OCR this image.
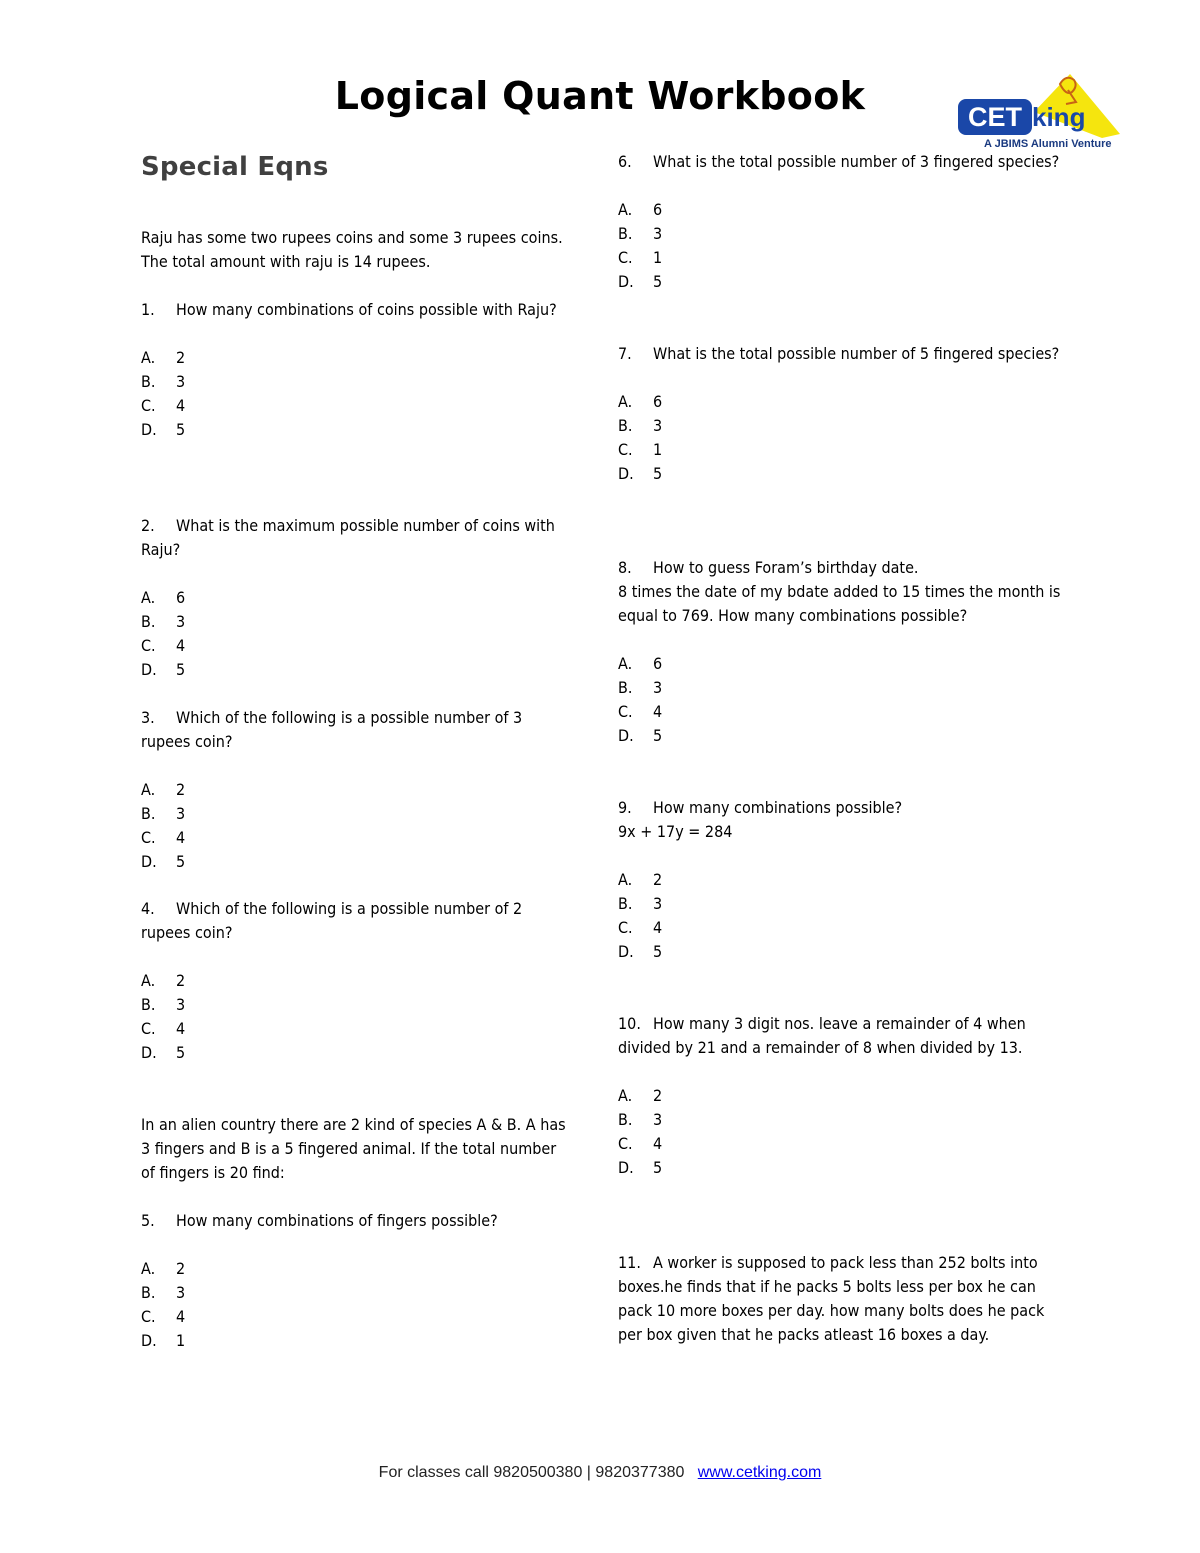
Logical Quant Workbook	CET king
A JBIMS Alumni Venture
Special Eqns

Raju has some two rupees coins and some 3 rupees coins. The total amount with raju is 14 rupees.

1. How many combinations of coins possible with Raju?

A. 2
B. 3
C. 4
D. 5

2. What is the maximum possible number of coins with Raju?

A. 6
B. 3
C. 4
D. 5

3. Which of the following is a possible number of 3 rupees coin?

A. 2
B. 3
C. 4
D. 5

4. Which of the following is a possible number of 2 rupees coin?

A. 2
B. 3
C. 4
D. 5

In an alien country there are 2 kind of species A & B. A has 3 fingers and B is a 5 fingered animal. If the total number of fingers is 20 find:

5. How many combinations of fingers possible?

A. 2
B. 3
C. 4
D. 1

6. What is the total possible number of 3 fingered species?

A. 6
B. 3
C. 1
D. 5

7. What is the total possible number of 5 fingered species?

A. 6
B. 3
C. 1
D. 5

8. How to guess Foram’s birthday date.

8 times the date of my bdate added to 15 times the month is equal to 769. How many combinations possible?

A. 6
B. 3
C. 4
D. 5

9. How many combinations possible?

9x + 17y = 284

A. 2
B. 3
C. 4
D. 5

10. How many 3 digit nos. leave a remainder of 4 when divided by 21 and a remainder of 8 when divided by 13.

A. 2
B. 3
C. 4
D. 5

11. A worker is supposed to pack less than 252 bolts into boxes.he finds that if he packs 5 bolts less per box he can pack 10 more boxes per day. how many bolts does he pack per box given that he packs atleast 16 boxes a day.

For classes call 9820500380 | 9820377380 www.cetking.com
